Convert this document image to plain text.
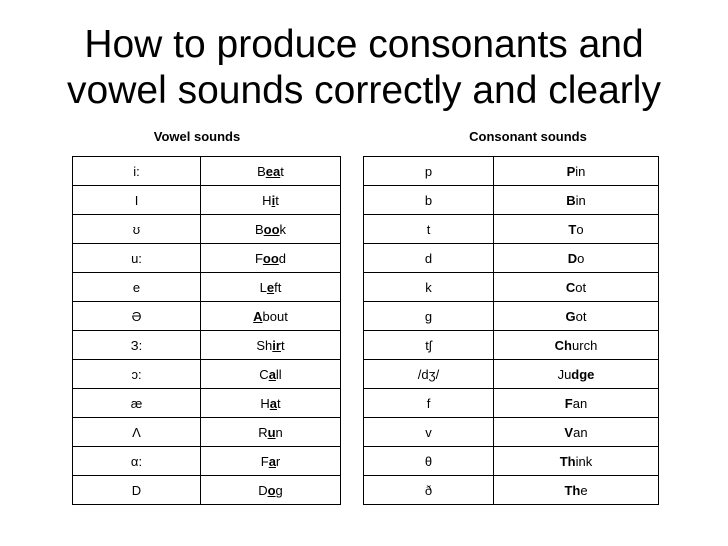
How to produce consonants and
vowel sounds correctly and clearly
Vowel sounds	Consonant sounds
i:	Beat
I	Hit
ʊ	Book
u:	Food
e	Left
Ə	About
З:	Shirt
ɔ:	Call
æ	Hat
Λ	Run
α:	Far
D	Dog
p	Pin
b	Bin
t	To
d	Do
k	Cot
g	Got
tʃ	Church
/dʒ/	Judge
f	Fan
v	Van
θ	Think
ð	The
